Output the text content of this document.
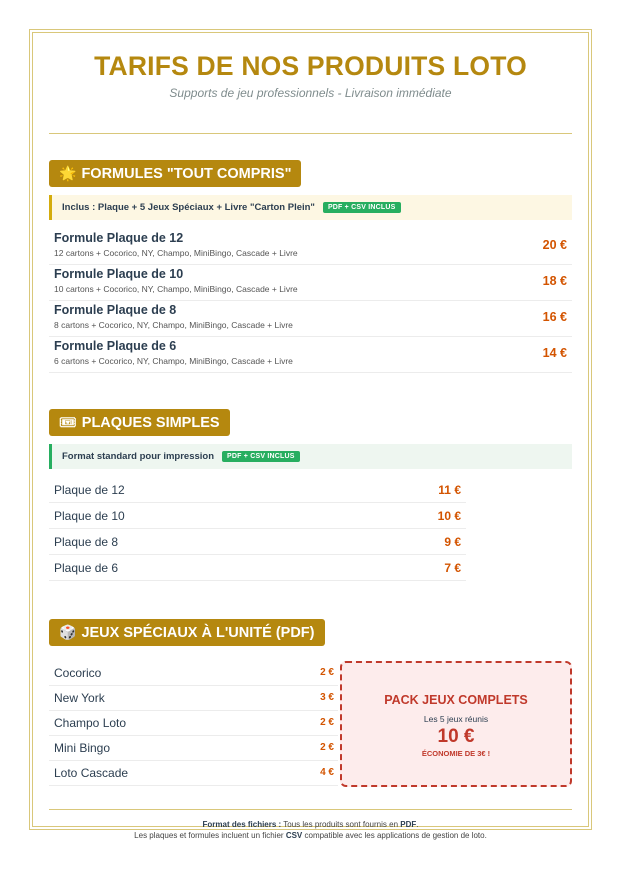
TARIFS DE NOS PRODUITS LOTO
Supports de jeu professionnels - Livraison immédiate
🌟 FORMULES "TOUT COMPRIS"
Inclus : Plaque + 5 Jeux Spéciaux + Livre "Carton Plein"	PDF + CSV INCLUS
Formule Plaque de 12
12 cartons + Cocorico, NY, Champo, MiniBingo, Cascade + Livre
20 €
Formule Plaque de 10
10 cartons + Cocorico, NY, Champo, MiniBingo, Cascade + Livre
18 €
Formule Plaque de 8
8 cartons + Cocorico, NY, Champo, MiniBingo, Cascade + Livre
16 €
Formule Plaque de 6
6 cartons + Cocorico, NY, Champo, MiniBingo, Cascade + Livre
14 €
🎟 PLAQUES SIMPLES
Format standard pour impression	PDF + CSV INCLUS
Plaque de 12	11 €
Plaque de 10	10 €
Plaque de 8	9 €
Plaque de 6	7 €
🎲 JEUX SPÉCIAUX À L'UNITÉ (PDF)
Cocorico	2 €
New York	3 €
Champo Loto	2 €
Mini Bingo	2 €
Loto Cascade	4 €
PACK JEUX COMPLETS
Les 5 jeux réunis
10 €
ÉCONOMIE DE 3€ !
Format des fichiers : Tous les produits sont fournis en PDF.
Les plaques et formules incluent un fichier CSV compatible avec les applications de gestion de loto.
